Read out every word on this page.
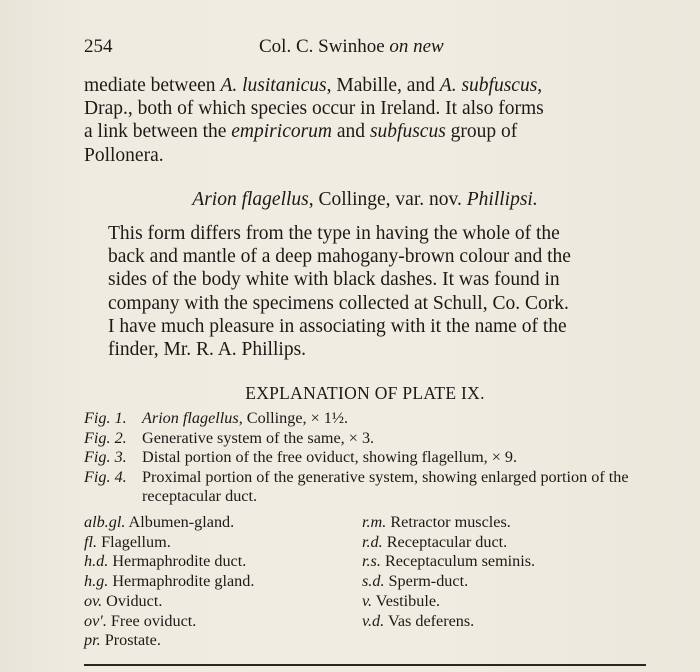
254	Col. C. Swinhoe on new
mediate between A. lusitanicus, Mabille, and A. subfuscus,
Drap., both of which species occur in Ireland. It also forms
a link between the empiricorum and subfuscus group of
Pollonera.
Arion flagellus, Collinge, var. nov. Phillipsi.
This form differs from the type in having the whole of the
back and mantle of a deep mahogany-brown colour and the
sides of the body white with black dashes. It was found in
company with the specimens collected at Schull, Co. Cork.
I have much pleasure in associating with it the name of the
finder, Mr. R. A. Phillips.
EXPLANATION OF PLATE IX.
Fig. 1. Arion flagellus, Collinge, × 1½.
Fig. 2. Generative system of the same, × 3.
Fig. 3. Distal portion of the free oviduct, showing flagellum, × 9.
Fig. 4. Proximal portion of the generative system, showing enlarged portion of the receptacular duct.
alb.gl. Albumen-gland.
fl. Flagellum.
h.d. Hermaphrodite duct.
h.g. Hermaphrodite gland.
ov. Oviduct.
ov′. Free oviduct.
pr. Prostate.
r.m. Retractor muscles.
r.d. Receptacular duct.
r.s. Receptaculum seminis.
s.d. Sperm-duct.
v. Vestibule.
v.d. Vas deferens.
